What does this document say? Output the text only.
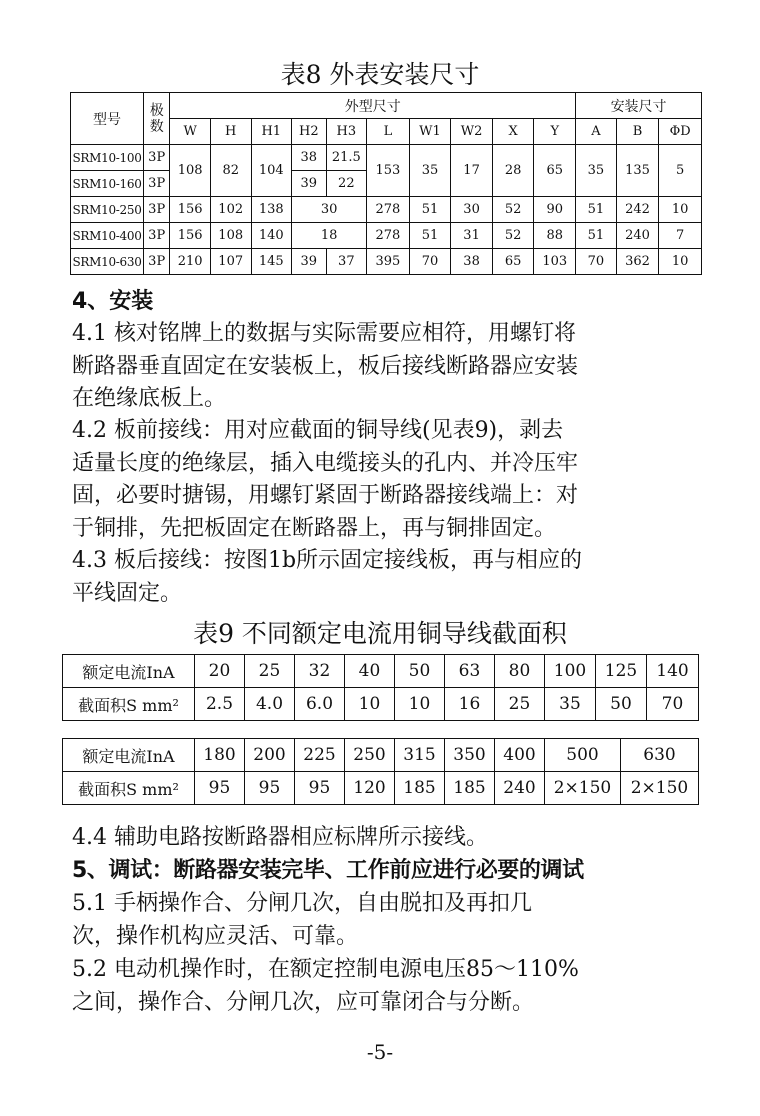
表8 外表安装尺寸
型号	极数	外型尺寸										安装尺寸		
		W	H	H1	H2	H3	L	W1	W2	X	Y	A	B	ΦD
SRM10-100	3P	108	82	104	38	21.5	153	35	17	28	65	35	135	5
SRM10-160	3P				39	22								
SRM10-250	3P	156	102	138	30		278	51	30	52	90	51	242	10
SRM10-400	3P	156	108	140	18		278	51	31	52	88	51	240	7
SRM10-630	3P	210	107	145	39	37	395	70	38	65	103	70	362	10
4、安装
4.1 核对铭牌上的数据与实际需要应相符，用螺钉将
断路器垂直固定在安装板上，板后接线断路器应安装
在绝缘底板上。
4.2 板前接线：用对应截面的铜导线(见表9)，剥去
适量长度的绝缘层，插入电缆接头的孔内、并冷压牢
固，必要时搪锡，用螺钉紧固于断路器接线端上：对
于铜排，先把板固定在断路器上，再与铜排固定。
4.3 板后接线：按图1b所示固定接线板，再与相应的
平线固定。
表9 不同额定电流用铜导线截面积
额定电流InA	20	25	32	40	50	63	80	100	125	140
截面积S mm²	2.5	4.0	6.0	10	10	16	25	35	50	70
额定电流InA	180	200	225	250	315	350	400	500	630
截面积S mm²	95	95	95	120	185	185	240	2×150	2×150
4.4 辅助电路按断路器相应标牌所示接线。
5、调试：断路器安装完毕、工作前应进行必要的调试
5.1 手柄操作合、分闸几次，自由脱扣及再扣几
次，操作机构应灵活、可靠。
5.2 电动机操作时，在额定控制电源电压85～110%
之间，操作合、分闸几次，应可靠闭合与分断。
-5-
